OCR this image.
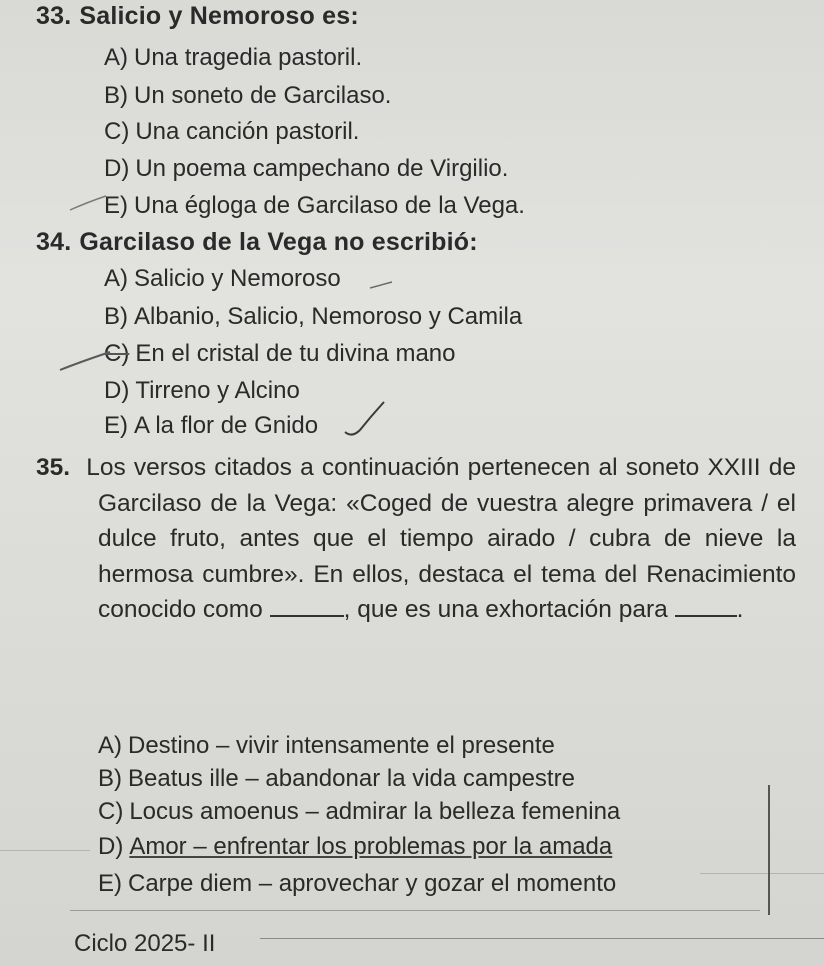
33. Salicio y Nemoroso es:
A) Una tragedia pastoril.
B) Un soneto de Garcilaso.
C) Una canción pastoril.
D) Un poema campechano de Virgilio.
E) Una égloga de Garcilaso de la Vega.
34. Garcilaso de la Vega no escribió:
A) Salicio y Nemoroso
B) Albanio, Salicio, Nemoroso y Camila
C) En el cristal de tu divina mano
D) Tirreno y Alcino
E) A la flor de Gnido
35. Los versos citados a continuación pertenecen al soneto XXIII de Garcilaso de la Vega: «Coged de vuestra alegre primavera / el dulce fruto, antes que el tiempo airado / cubra de nieve la hermosa cumbre». En ellos, destaca el tema del Renacimiento conocido como	, que es una exhortación para	.
A) Destino – vivir intensamente el presente
B) Beatus ille – abandonar la vida campestre
C) Locus amoenus – admirar la belleza femenina
D) Amor – enfrentar los problemas por la amada
E) Carpe diem – aprovechar y gozar el momento
Ciclo 2025- II
